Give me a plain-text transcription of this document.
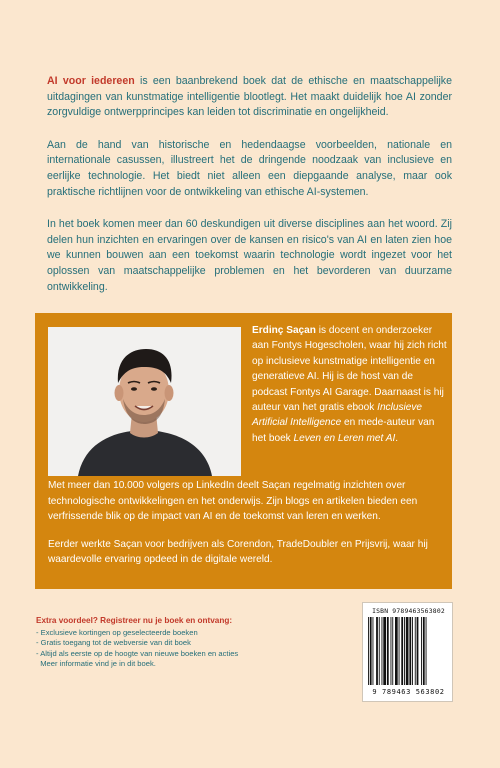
AI voor iedereen is een baanbrekend boek dat de ethische en maatschappelijke uitdagingen van kunstmatige intelligentie blootlegt. Het maakt duidelijk hoe AI zonder zorgvuldige ontwerpprincipes kan leiden tot discriminatie en ongelijkheid.

Aan de hand van historische en hedendaagse voorbeelden, nationale en internationale casussen, illustreert het de dringende noodzaak van inclusieve en eerlijke technologie. Het biedt niet alleen een diepgaande analyse, maar ook praktische richtlijnen voor de ontwikkeling van ethische AI-systemen.

In het boek komen meer dan 60 deskundigen uit diverse disciplines aan het woord. Zij delen hun inzichten en ervaringen over de kansen en risico's van AI en laten zien hoe we kunnen bouwen aan een toekomst waarin technologie wordt ingezet voor het oplossen van maatschappelijke problemen en het bevorderen van duurzame ontwikkeling.

Erdinç Saçan is docent en onderzoeker aan Fontys Hogescholen, waar hij zich richt op inclusieve kunstmatige intelligentie en generatieve AI. Hij is de host van de podcast Fontys AI Garage. Daarnaast is hij auteur van het gratis ebook Inclusieve Artificial Intelligence en mede-auteur van het boek Leven en Leren met AI.

Met meer dan 10.000 volgers op LinkedIn deelt Saçan regelmatig inzichten over technologische ontwikkelingen en het onderwijs. Zijn blogs en artikelen bieden een verfrissende blik op de impact van AI en de toekomst van leren en werken.

Eerder werkte Saçan voor bedrijven als Corendon, TradeDoubler en Prijsvrij, waar hij waardevolle ervaring opdeed in de digitale wereld.

Extra voordeel? Registreer nu je boek en ontvang:
- Exclusieve kortingen op geselecteerde boeken
- Gratis toegang tot de webversie van dit boek
- Altijd als eerste op de hoogte van nieuwe boeken en acties
Meer informatie vind je in dit boek.
ISBN 9789463563802
9 789463 563802
